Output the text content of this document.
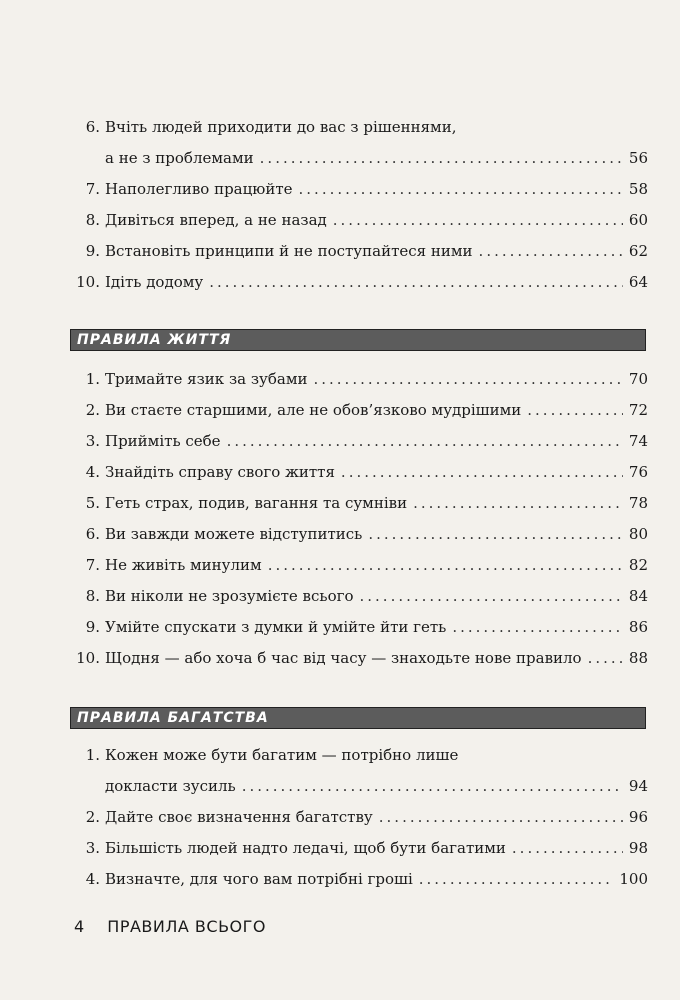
6. Вчіть людей приходити до вас з рішеннями,
а не з проблемами .....	56
7. Наполегливо працюйте .....	58
8. Дивіться вперед, а не назад .....	60
9. Встановіть принципи й не поступайтеся ними .....	62
10. Ідіть додому .....	64
ПРАВИЛА ЖИТТЯ
1. Тримайте язик за зубами .....	70
2. Ви стаєте старшими, але не обов’язково мудрішими .....	72
3. Прийміть себе .....	74
4. Знайдіть справу свого життя .....	76
5. Геть страх, подив, вагання та сумніви .....	78
6. Ви завжди можете відступитись .....	80
7. Не живіть минулим .....	82
8. Ви ніколи не зрозумієте всього .....	84
9. Умійте спускати з думки й умійте йти геть .....	86
10. Щодня — або хоча б час від часу — знаходьте нове правило .....	88
ПРАВИЛА БАГАТСТВА
1. Кожен може бути багатим — потрібно лише
докласти зусиль .....	94
2. Дайте своє визначення багатству .....	96
3. Більшість людей надто ледачі, щоб бути багатими .....	98
4. Визначте, для чого вам потрібні гроші .....	100
4 ПРАВИЛА ВСЬОГО
